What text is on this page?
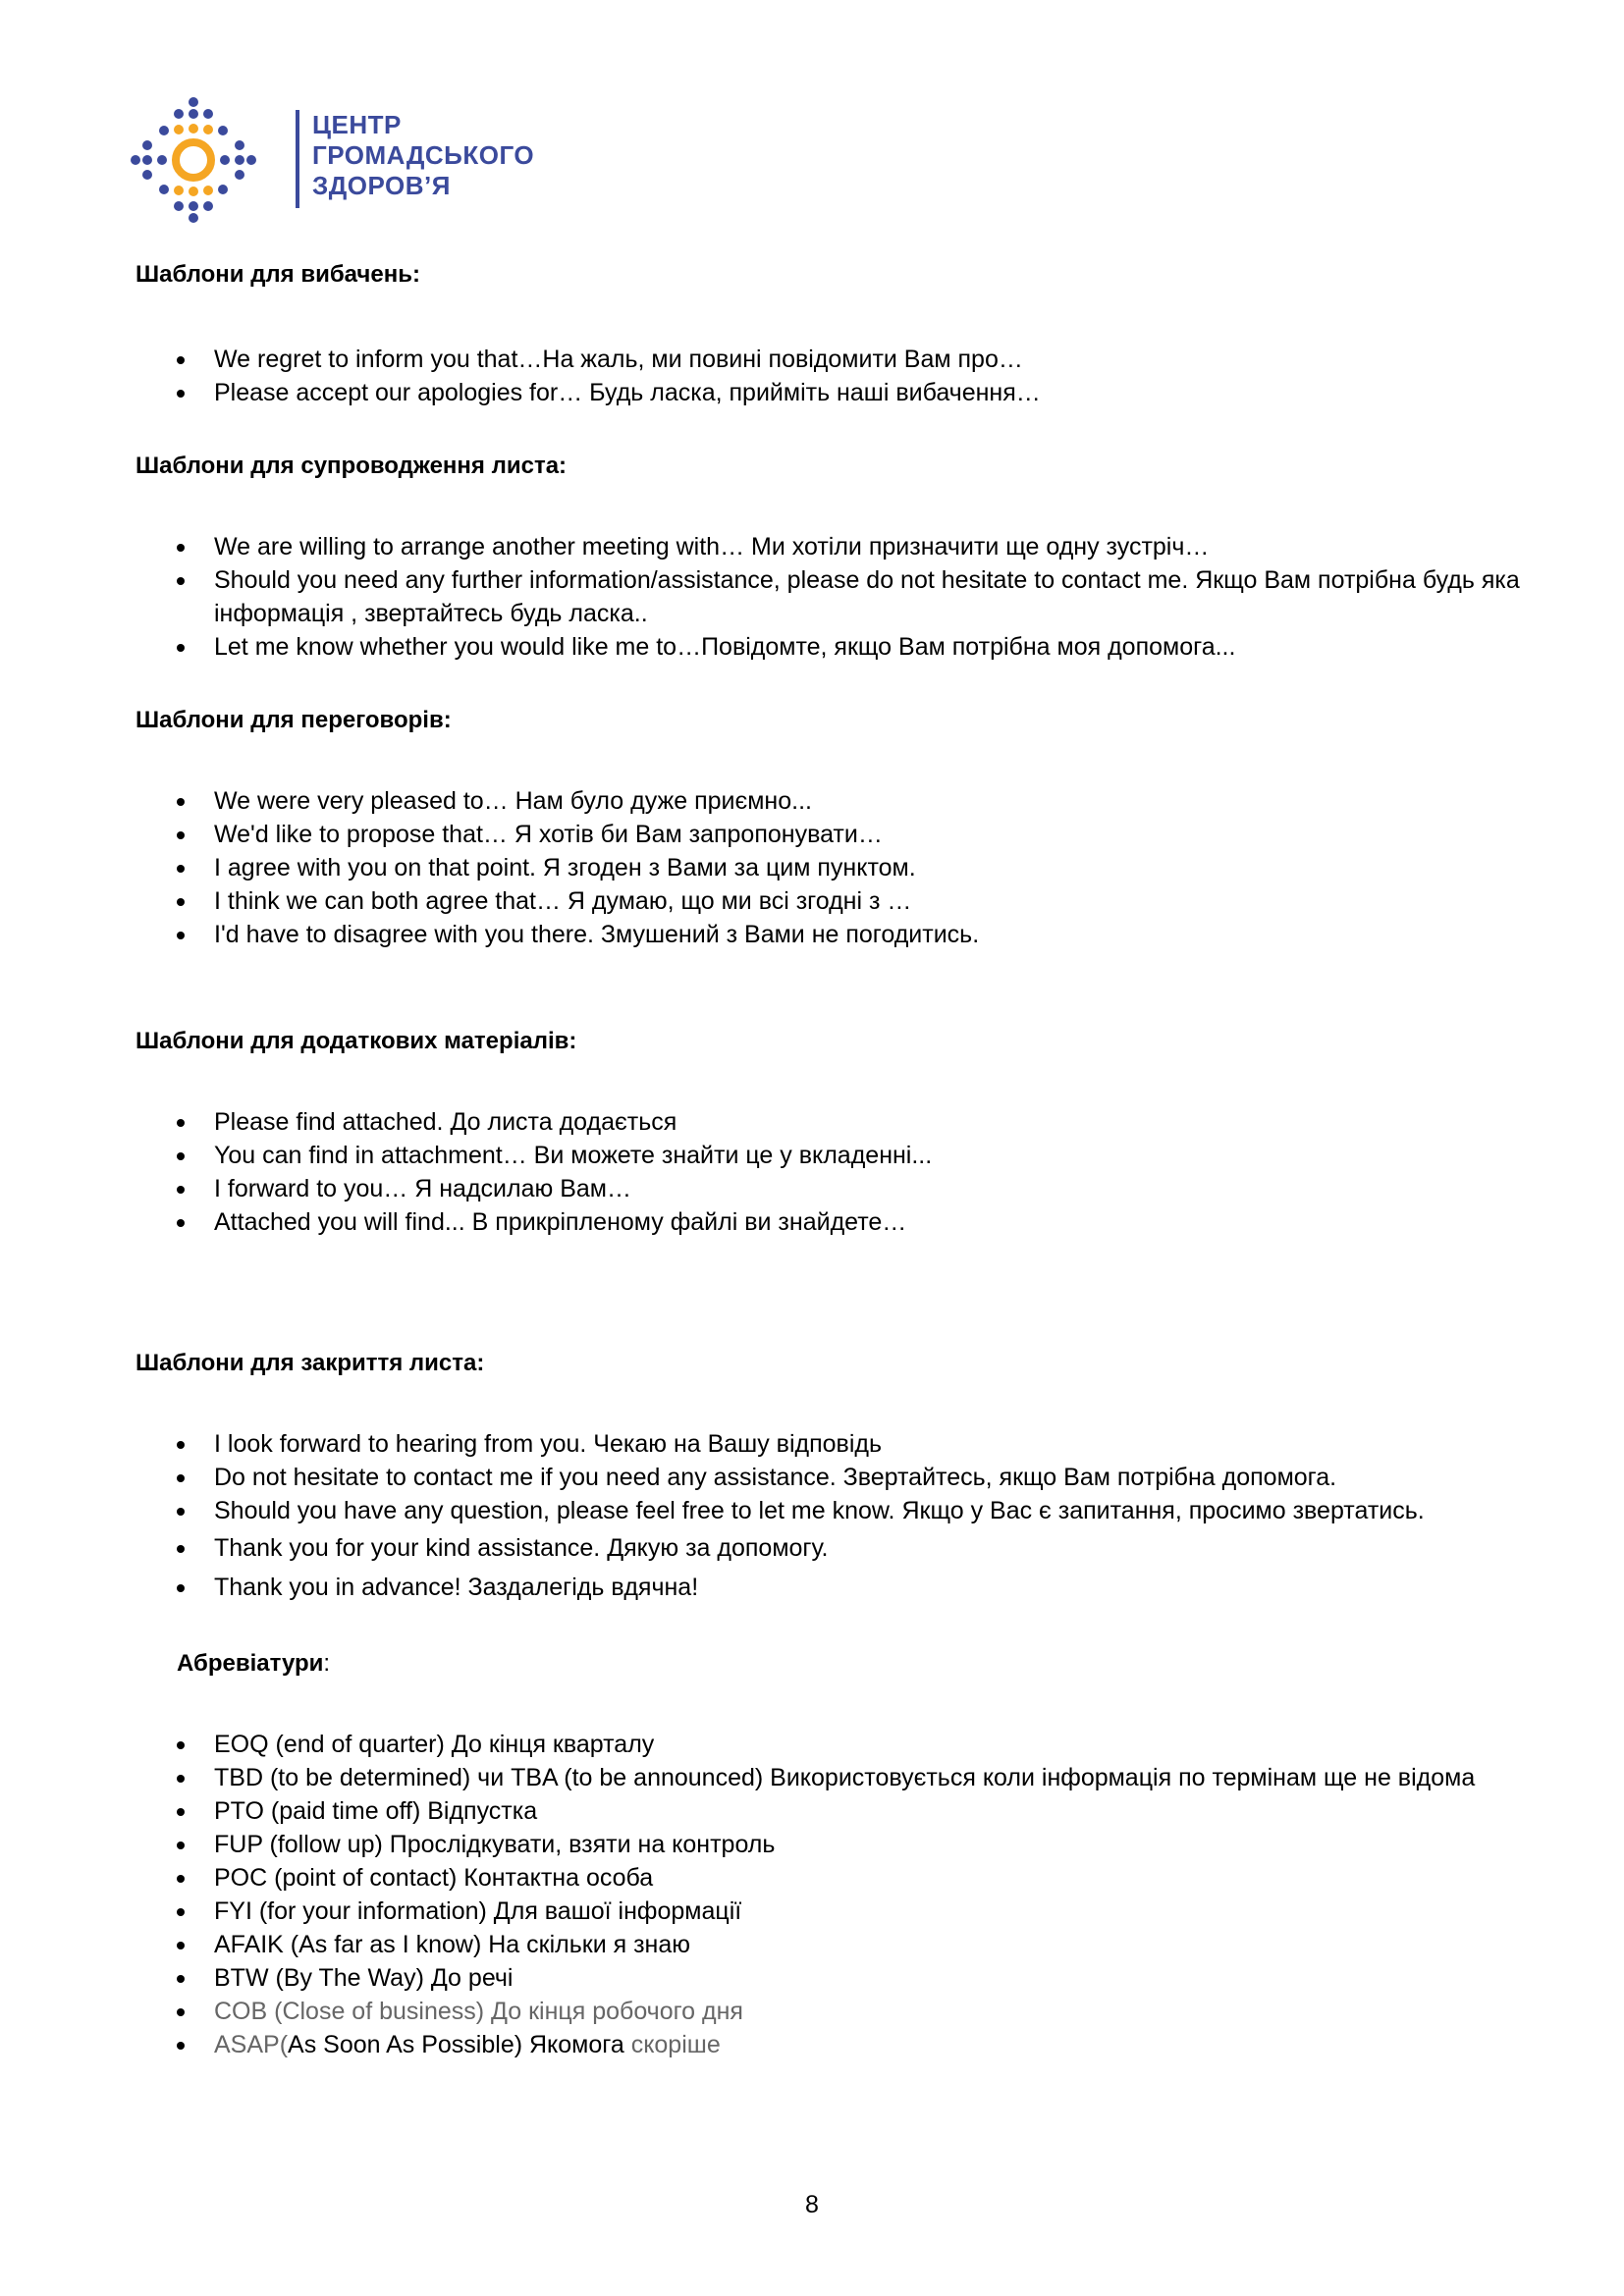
ЦЕНТР
ГРОМАДСЬКОГО
ЗДОРОВ’Я

Шаблони для вибачень:

We regret to inform you that…На жаль, ми повині повідомити Вам про…
Please accept our apologies for… Будь ласка, прийміть наші вибачення…

Шаблони для супроводження листа:

We are willing to arrange another meeting with… Ми хотіли призначити ще одну зустріч…
Should you need any further information/assistance, please do not hesitate to contact me. Якщо Вам потрібна будь яка інформація , звертайтесь будь ласка..
Let me know whether you would like me to…Повідомте, якщо Вам потрібна моя допомога...

Шаблони для переговорів:

We were very pleased to… Нам було дуже приємно...
We'd like to propose that… Я хотів би Вам запропонувати…
I agree with you on that point. Я згоден з Вами за цим пунктом.
I think we can both agree that… Я думаю, що ми всі згодні з …
I'd have to disagree with you there. Змушений з Вами не погодитись.

Шаблони для додаткових матеріалів:

Please find attached. До листа додається
You can find in attachment… Ви можете знайти це у вкладенні...
I forward to you… Я надсилаю Вам…
Attached you will find... В прикріпленому файлі ви знайдете…

Шаблони для закриття листа:

I look forward to hearing from you. Чекаю на Вашу відповідь
Do not hesitate to contact me if you need any assistance. Звертайтесь, якщо Вам потрібна допомога.
Should you have any question, please feel free to let me know. Якщо у Вас є запитання, просимо звертатись.
Thank you for your kind assistance. Дякую за допомогу.
Thank you in advance! Заздалегідь вдячна!

Абревіатури:

EOQ (end of quarter) До кінця кварталу
TBD (to be determined) чи TBA (to be announced) Використовується коли інформація по термінам ще не відома
PTO (paid time off) Відпустка
FUP (follow up) Прослідкувати, взяти на контроль
POC (point of contact) Контактна особа
FYI (for your information) Для вашої інформації
AFAIK (As far as I know) На скільки я знаю
BTW (By The Way) До речі
COB (Close of business) До кінця робочого дня
ASAP(As Soon As Possible) Якомога скоріше
8
